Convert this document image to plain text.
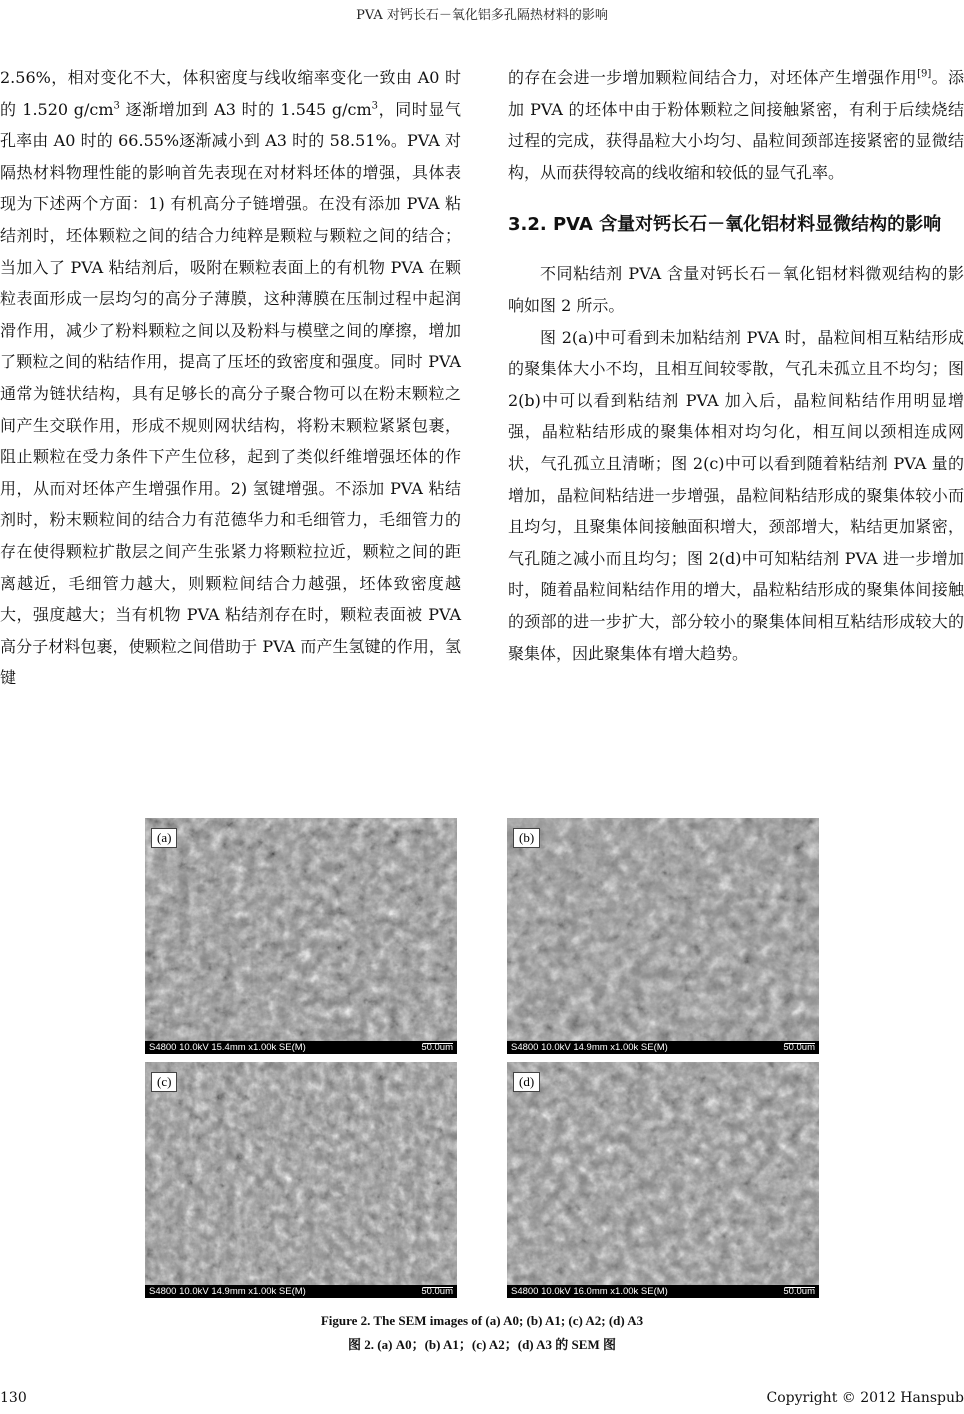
PVA 对钙长石－氧化铝多孔隔热材料的影响

2.56%，相对变化不大，体积密度与线收缩率变化一致由 A0 时的 1.520 $g/cm^3$ 逐渐增加到 A3 时的 1.545 $g/cm^3$，同时显气孔率由 A0 时的 66.55%逐渐减小到 A3 时的 58.51%。PVA 对隔热材料物理性能的影响首先表现在对材料坯体的增强，具体表现为下述两个方面：1) 有机高分子链增强。在没有添加 PVA 粘结剂时，坯体颗粒之间的结合力纯粹是颗粒与颗粒之间的结合；当加入了 PVA 粘结剂后，吸附在颗粒表面上的有机物 PVA 在颗粒表面形成一层均匀的高分子薄膜，这种薄膜在压制过程中起润滑作用，减少了粉料颗粒之间以及粉料与模壁之间的摩擦，增加了颗粒之间的粘结作用，提高了压坯的致密度和强度。同时 PVA 通常为链状结构，具有足够长的高分子聚合物可以在粉末颗粒之间产生交联作用，形成不规则网状结构，将粉末颗粒紧紧包裹，阻止颗粒在受力条件下产生位移，起到了类似纤维增强坯体的作用，从而对坯体产生增强作用。2) 氢键增强。不添加 PVA 粘结剂时，粉末颗粒间的结合力有范德华力和毛细管力，毛细管力的存在使得颗粒扩散层之间产生张紧力将颗粒拉近，颗粒之间的距离越近，毛细管力越大，则颗粒间结合力越强，坯体致密度越大，强度越大；当有机物 PVA 粘结剂存在时，颗粒表面被 PVA 高分子材料包裹，使颗粒之间借助于 PVA 而产生氢键的作用，氢键

的存在会进一步增加颗粒间结合力，对坯体产生增强作用[9]。添加 PVA 的坯体中由于粉体颗粒之间接触紧密，有利于后续烧结过程的完成，获得晶粒大小均匀、晶粒间颈部连接紧密的显微结构，从而获得较高的线收缩和较低的显气孔率。

3.2. PVA 含量对钙长石－氧化铝材料显微结构的影响

不同粘结剂 PVA 含量对钙长石－氧化铝材料微观结构的影响如图 2 所示。

图 2(a)中可看到未加粘结剂 PVA 时，晶粒间相互粘结形成的聚集体大小不均，且相互间较零散，气孔未孤立且不均匀；图 2(b)中可以看到粘结剂 PVA 加入后，晶粒间粘结作用明显增强，晶粒粘结形成的聚集体相对均匀化，相互间以颈相连成网状，气孔孤立且清晰；图 2(c)中可以看到随着粘结剂 PVA 量的增加，晶粒间粘结进一步增强，晶粒间粘结形成的聚集体较小而且均匀，且聚集体间接触面积增大，颈部增大，粘结更加紧密，气孔随之减小而且均匀；图 2(d)中可知粘结剂 PVA 进一步增加时，随着晶粒间粘结作用的增大，晶粒粘结形成的聚集体间接触的颈部的进一步扩大，部分较小的聚集体间相互粘结形成较大的聚集体，因此聚集体有增大趋势。

(a)
S4800 10.0kV 15.4mm x1.00k SE(M)	50.0um
(b)
S4800 10.0kV 14.9mm x1.00k SE(M)	50.0um
(c)
S4800 10.0kV 14.9mm x1.00k SE(M)	50.0um
(d)
S4800 10.0kV 16.0mm x1.00k SE(M)	50.0um
Figure 2. The SEM images of (a) A0; (b) A1; (c) A2; (d) A3
图 2. (a) A0；(b) A1；(c) A2；(d) A3 的 SEM 图
130	Copyright © 2012 Hanspub
